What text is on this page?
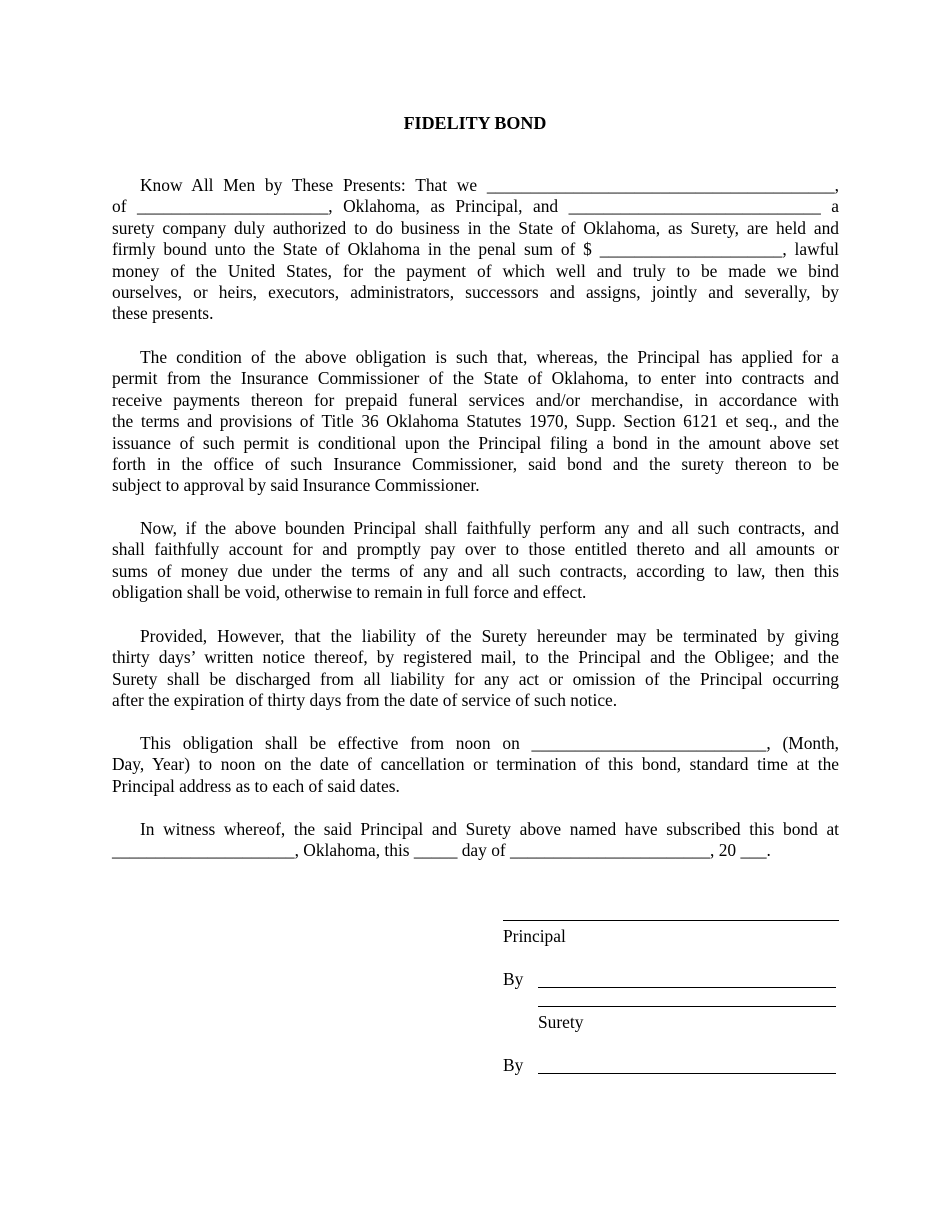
FIDELITY BOND
Know All Men by These Presents: That we ________________________________________,
of ______________________, Oklahoma, as Principal, and _____________________________ a
surety company duly authorized to do business in the State of Oklahoma, as Surety, are held and
firmly bound unto the State of Oklahoma in the penal sum of $ _____________________, lawful
money of the United States, for the payment of which well and truly to be made we bind
ourselves, or heirs, executors, administrators, successors and assigns, jointly and severally, by
these presents.
The condition of the above obligation is such that, whereas, the Principal has applied for a
permit from the Insurance Commissioner of the State of Oklahoma, to enter into contracts and
receive payments thereon for prepaid funeral services and/or merchandise, in accordance with
the terms and provisions of Title 36 Oklahoma Statutes 1970, Supp. Section 6121 et seq., and the
issuance of such permit is conditional upon the Principal filing a bond in the amount above set
forth in the office of such Insurance Commissioner, said bond and the surety thereon to be
subject to approval by said Insurance Commissioner.
Now, if the above bounden Principal shall faithfully perform any and all such contracts, and
shall faithfully account for and promptly pay over to those entitled thereto and all amounts or
sums of money due under the terms of any and all such contracts, according to law, then this
obligation shall be void, otherwise to remain in full force and effect.
Provided, However, that the liability of the Surety hereunder may be terminated by giving
thirty days’ written notice thereof, by registered mail, to the Principal and the Obligee; and the
Surety shall be discharged from all liability for any act or omission of the Principal occurring
after the expiration of thirty days from the date of service of such notice.
This obligation shall be effective from noon on ___________________________, (Month,
Day, Year) to noon on the date of cancellation or termination of this bond, standard time at the
Principal address as to each of said dates.
In witness whereof, the said Principal and Surety above named have subscribed this bond at
_____________________, Oklahoma, this _____ day of _______________________, 20 ___.
Principal
By
Surety
By
